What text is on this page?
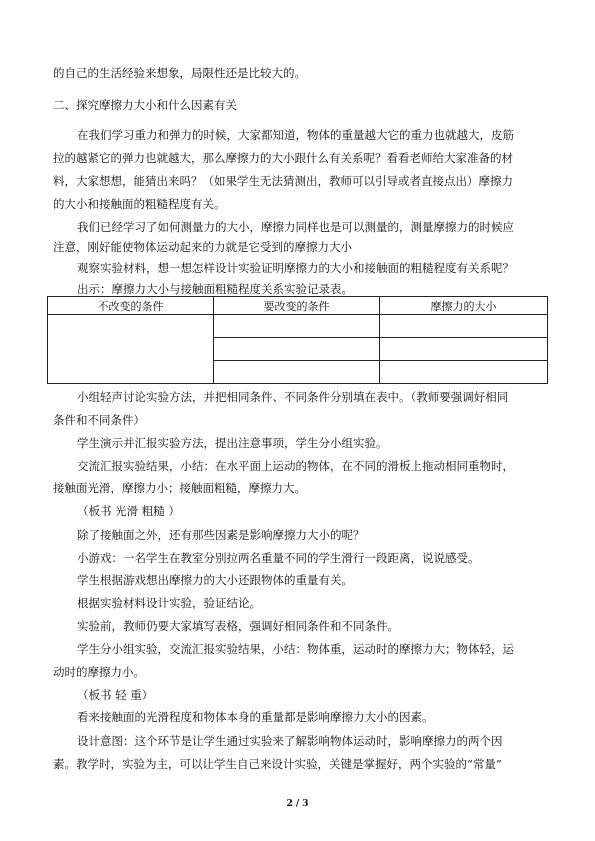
的自己的生活经验来想象，局限性还是比较大的。
二、探究摩擦力大小和什么因素有关
在我们学习重力和弹力的时候，大家都知道，物体的重量越大它的重力也就越大，皮筋
拉的越紧它的弹力也就越大，那么摩擦力的大小跟什么有关系呢？看看老师给大家准备的材
料，大家想想，能猜出来吗？（如果学生无法猜测出，教师可以引导或者直接点出）摩擦力
的大小和接触面的粗糙程度有关。
我们已经学习了如何测量力的大小，摩擦力同样也是可以测量的，测量摩擦力的时候应
注意，刚好能使物体运动起来的力就是它受到的摩擦力大小
观察实验材料，想一想怎样设计实验证明摩擦力的大小和接触面的粗糙程度有关系呢？
出示：摩擦力大小与接触面粗糙程度关系实验记录表。
不改变的条件	要改变的条件	摩擦力的大小

小组轻声讨论实验方法，并把相同条件、不同条件分别填在表中。（教师要强调好相同
条件和不同条件）
学生演示并汇报实验方法，提出注意事项，学生分小组实验。
交流汇报实验结果，小结：在水平面上运动的物体，在不同的滑板上拖动相同重物时，
接触面光滑，摩擦力小；接触面粗糙，摩擦力大。
（板书 光滑 粗糙 ）
除了接触面之外，还有那些因素是影响摩擦力大小的呢？
小游戏：一名学生在教室分别拉两名重量不同的学生滑行一段距离，说说感受。
学生根据游戏想出摩擦力的大小还跟物体的重量有关。
根据实验材料设计实验，验证结论。
实验前，教师仍要大家填写表格，强调好相同条件和不同条件。
学生分小组实验，交流汇报实验结果，小结：物体重，运动时的摩擦力大；物体轻，运
动时的摩擦力小。
（板书 轻 重）
看来接触面的光滑程度和物体本身的重量都是影响摩擦力大小的因素。
设计意图：这个环节是让学生通过实验来了解影响物体运动时，影响摩擦力的两个因
素。教学时，实验为主，可以让学生自己来设计实验，关键是掌握好，两个实验的“常量”
2 / 3
